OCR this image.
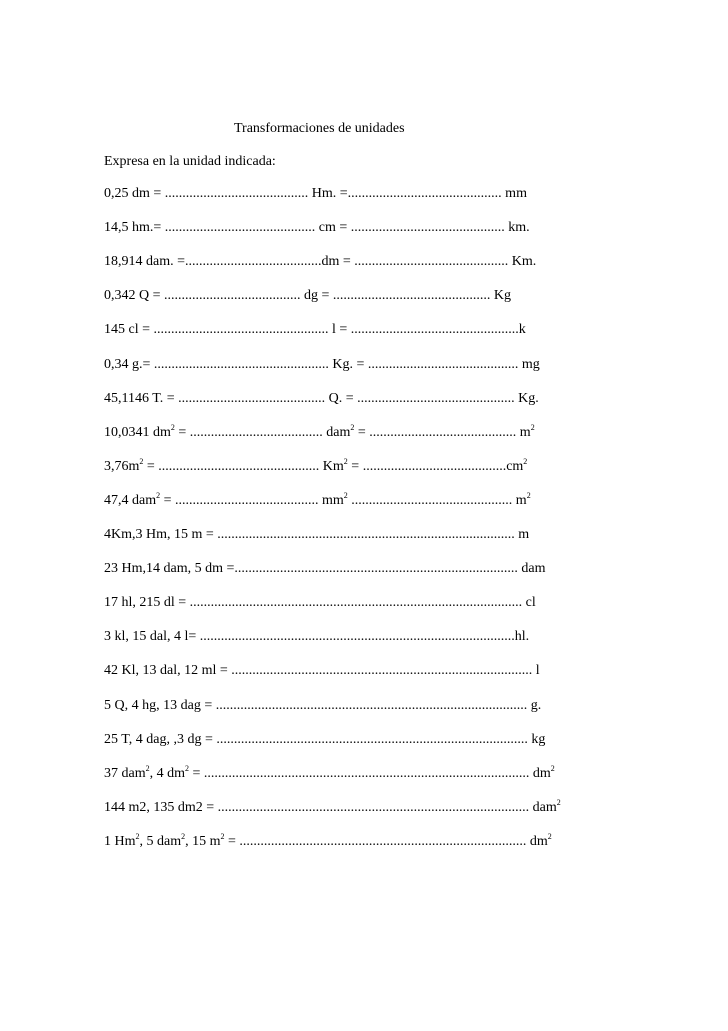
Transformaciones de unidades
Expresa en la unidad indicada:
0,25 dm = ......................................... Hm. =............................................ mm
14,5 hm.= ........................................... cm = ............................................ km.
18,914 dam. =.......................................dm = ............................................ Km.
0,342 Q = ....................................... dg = ............................................. Kg
145 cl = .................................................. l = ................................................k
0,34 g.= .................................................. Kg. = ........................................... mg
45,1146 T. = .......................................... Q. = ............................................. Kg.
10,0341 $dm^2$ = ...................................... dam$^2$ = .......................................... $m^2$
$3,76m^2$ = .............................................. $Km^2 = .........................................cm^2$
47,4 dam$^2$ = ......................................... $mm^2$ .............................................. $m^2$
4Km,3 Hm, 15 m = ..................................................................................... m
23 Hm,14 dam, 5 dm =................................................................................. dam
17 hl, 215 dl = ............................................................................................... cl
3 kl, 15 dal, 4 l= ..........................................................................................hl.
42 Kl, 13 dal, 12 ml = ...................................................................................... l
5 Q, 4 hg, 13 dag = ......................................................................................... g.
25 T, 4 dag, ,3 dg = ......................................................................................... kg
37 dam$^2$, 4 $dm^2$ = ............................................................................................. $dm^2$
144 m2, 135 dm2 = ......................................................................................... dam$^2$
1 Hm$^2$, 5 dam$^2$, 15 $m^2$ = .................................................................................. $dm^2$
